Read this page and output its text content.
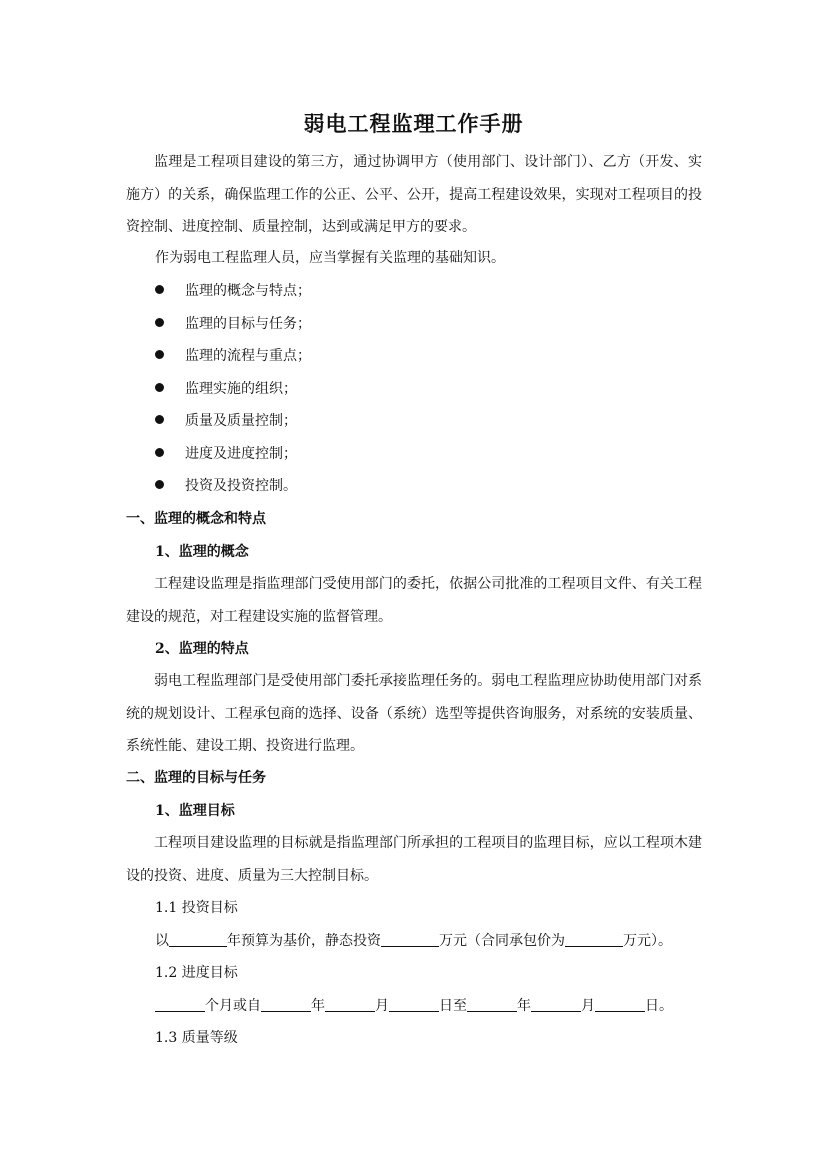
弱电工程监理工作手册
监理是工程项目建设的第三方，通过协调甲方（使用部门、设计部门）、乙方（开发、实施方）的关系，确保监理工作的公正、公平、公开，提高工程建设效果，实现对工程项目的投资控制、进度控制、质量控制，达到或满足甲方的要求。
作为弱电工程监理人员，应当掌握有关监理的基础知识。
监理的概念与特点；
监理的目标与任务；
监理的流程与重点；
监理实施的组织；
质量及质量控制；
进度及进度控制；
投资及投资控制。
一、监理的概念和特点
1、监理的概念
工程建设监理是指监理部门受使用部门的委托，依据公司批准的工程项目文件、有关工程建设的规范，对工程建设实施的监督管理。
2、监理的特点
弱电工程监理部门是受使用部门委托承接监理任务的。弱电工程监理应协助使用部门对系统的规划设计、工程承包商的选择、设备（系统）选型等提供咨询服务，对系统的安装质量、系统性能、建设工期、投资进行监理。
二、监理的目标与任务
1、监理目标
工程项目建设监理的目标就是指监理部门所承担的工程项目的监理目标，应以工程项木建设的投资、进度、质量为三大控制目标。
1.1 投资目标
以	年预算为基价，静态投资	万元（合同承包价为	万元）。
1.2 进度目标
个月或自	年	月	日至	年	月	日。
1.3 质量等级
